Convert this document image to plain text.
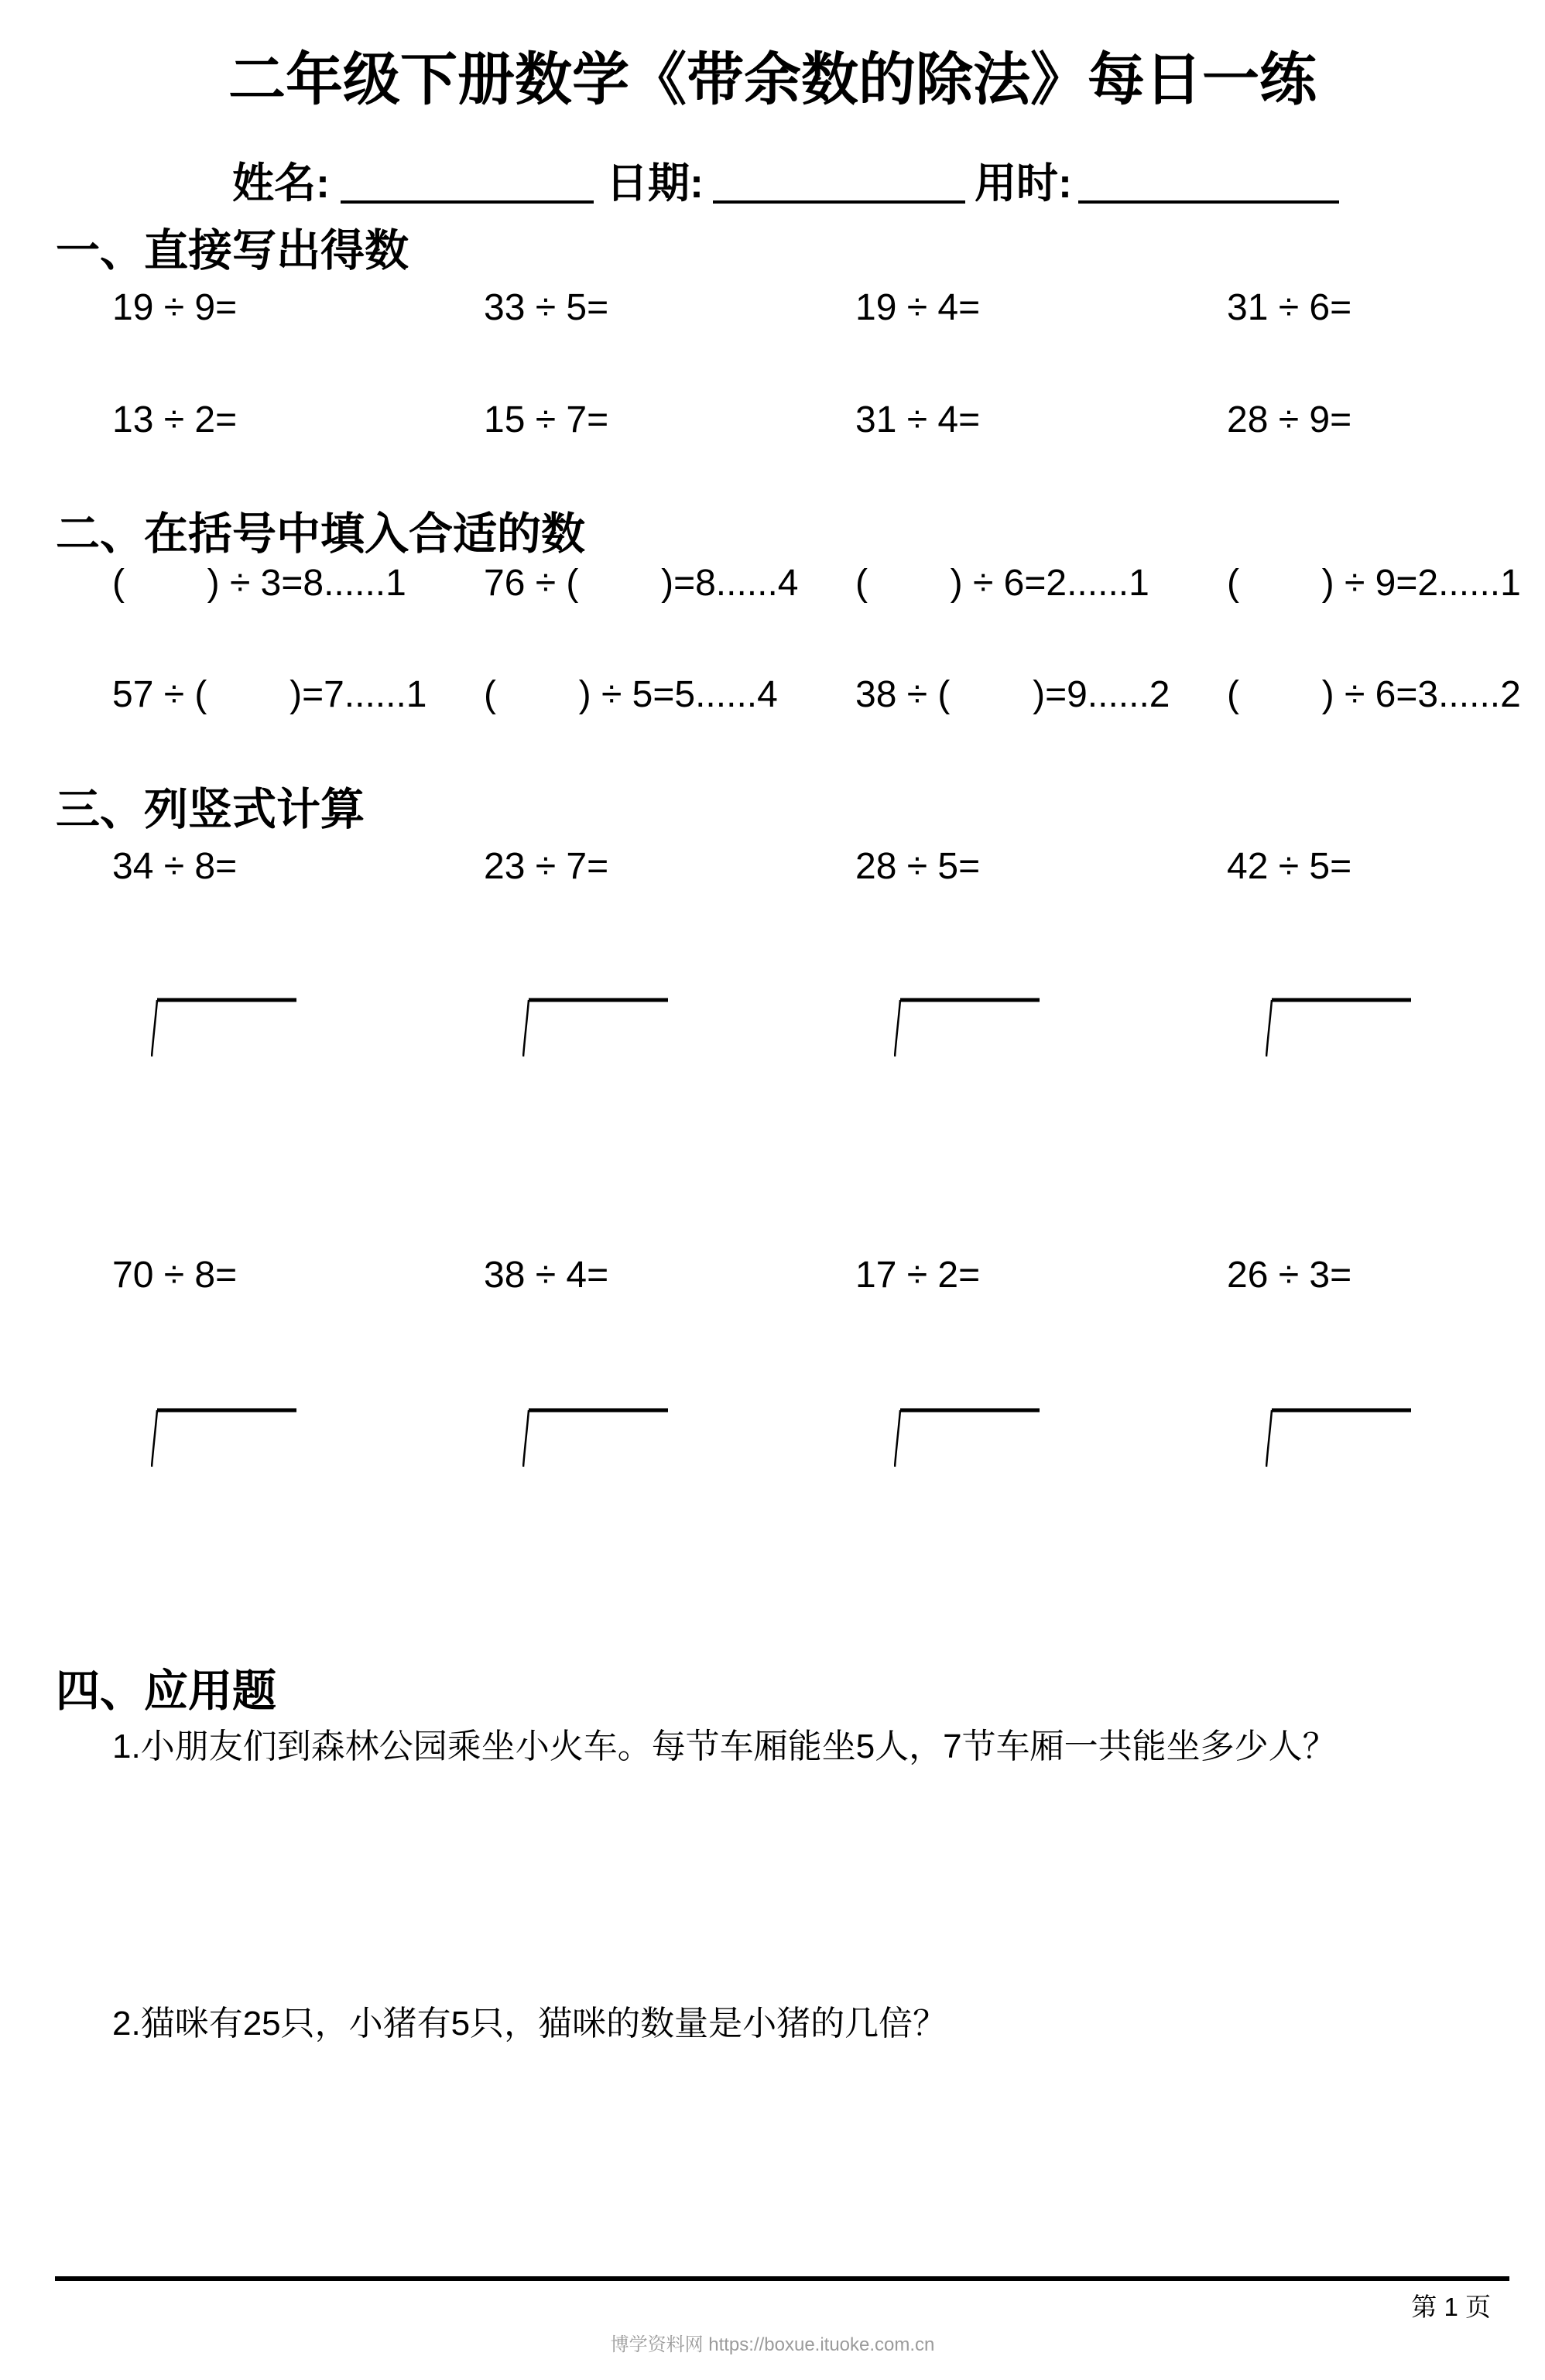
二年级下册数学《带余数的除法》每日一练
姓名:	日期:	用时:
一、直接写出得数
19 ÷ 9=	33 ÷ 5=	19 ÷ 4=	31 ÷ 6=
13 ÷ 2=	15 ÷ 7=	31 ÷ 4=	28 ÷ 9=
二、在括号中填入合适的数
(        ) ÷ 3=8......1	76 ÷ (        )=8......4	(        ) ÷ 6=2......1	(        ) ÷ 9=2......1
57 ÷ (        )=7......1	(        ) ÷ 5=5......4	38 ÷ (        )=9......2	(        ) ÷ 6=3......2
三、列竖式计算
34 ÷ 8=	23 ÷ 7=	28 ÷ 5=	42 ÷ 5=
70 ÷ 8=	38 ÷ 4=	17 ÷ 2=	26 ÷ 3=
四、应用题
1.小朋友们到森林公园乘坐小火车。每节车厢能坐5人，7节车厢一共能坐多少人？
2.猫咪有25只，小猪有5只，猫咪的数量是小猪的几倍？
第 1 页
博学资料网 https://boxue.ituoke.com.cn
